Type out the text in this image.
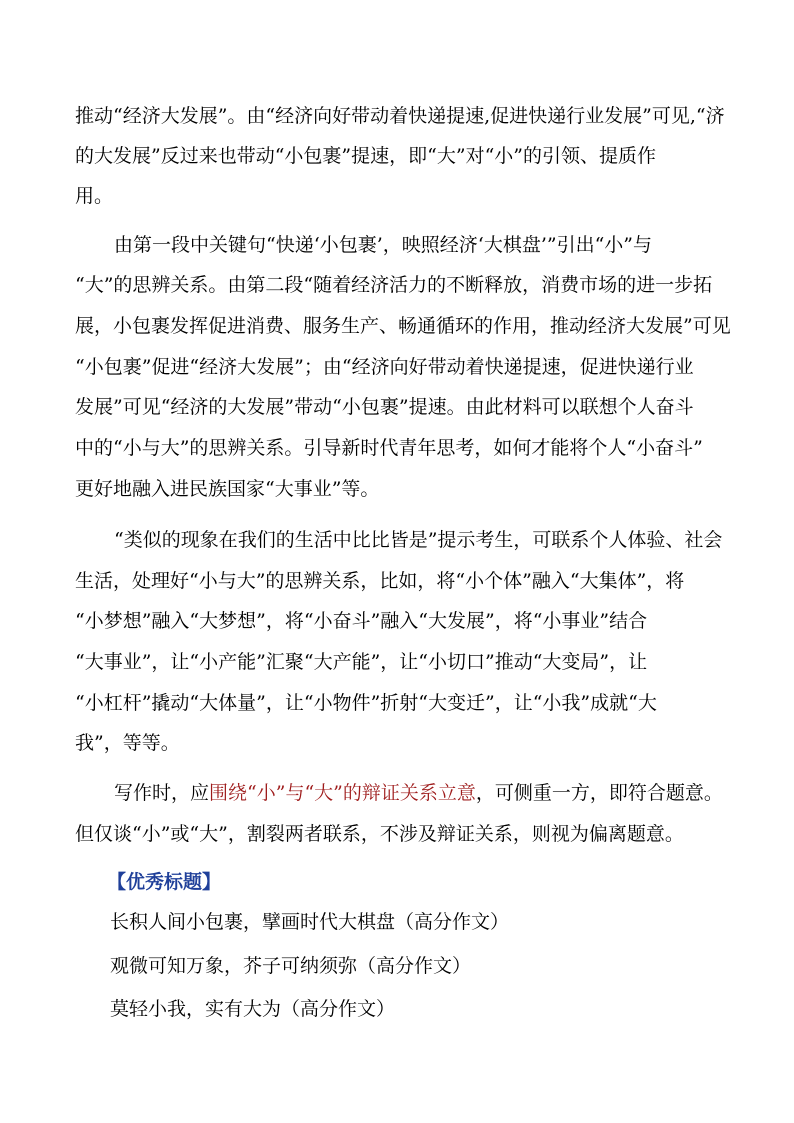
推动“经济大发展”。由“经济向好带动着快递提速,促进快递行业发展”可见,“济
的大发展”反过来也带动“小包裹”提速，即“大”对“小”的引领、提质作
用。
由第一段中关键句“快递‘小包裹’，映照经济‘大棋盘’”引出“小”与
“大”的思辨关系。由第二段“随着经济活力的不断释放，消费市场的进一步拓
展，小包裹发挥促进消费、服务生产、畅通循环的作用，推动经济大发展”可见
“小包裹”促进“经济大发展”；由“经济向好带动着快递提速，促进快递行业
发展”可见“经济的大发展”带动“小包裹”提速。由此材料可以联想个人奋斗
中的“小与大”的思辨关系。引导新时代青年思考，如何才能将个人“小奋斗”
更好地融入进民族国家“大事业”等。
“类似的现象在我们的生活中比比皆是”提示考生，可联系个人体验、社会
生活，处理好“小与大”的思辨关系，比如，将“小个体”融入“大集体”，将
“小梦想”融入“大梦想”，将“小奋斗”融入“大发展”，将“小事业”结合
“大事业”，让“小产能”汇聚“大产能”，让“小切口”推动“大变局”，让
“小杠杆”撬动“大体量”，让“小物件”折射“大变迁”，让“小我”成就“大
我”，等等。
写作时，应围绕“小”与“大”的辩证关系立意，可侧重一方，即符合题意。
但仅谈“小”或“大”，割裂两者联系，不涉及辩证关系，则视为偏离题意。
【优秀标题】
长积人间小包裹，擘画时代大棋盘（高分作文）
观微可知万象，芥子可纳须弥（高分作文）
莫轻小我，实有大为（高分作文）
